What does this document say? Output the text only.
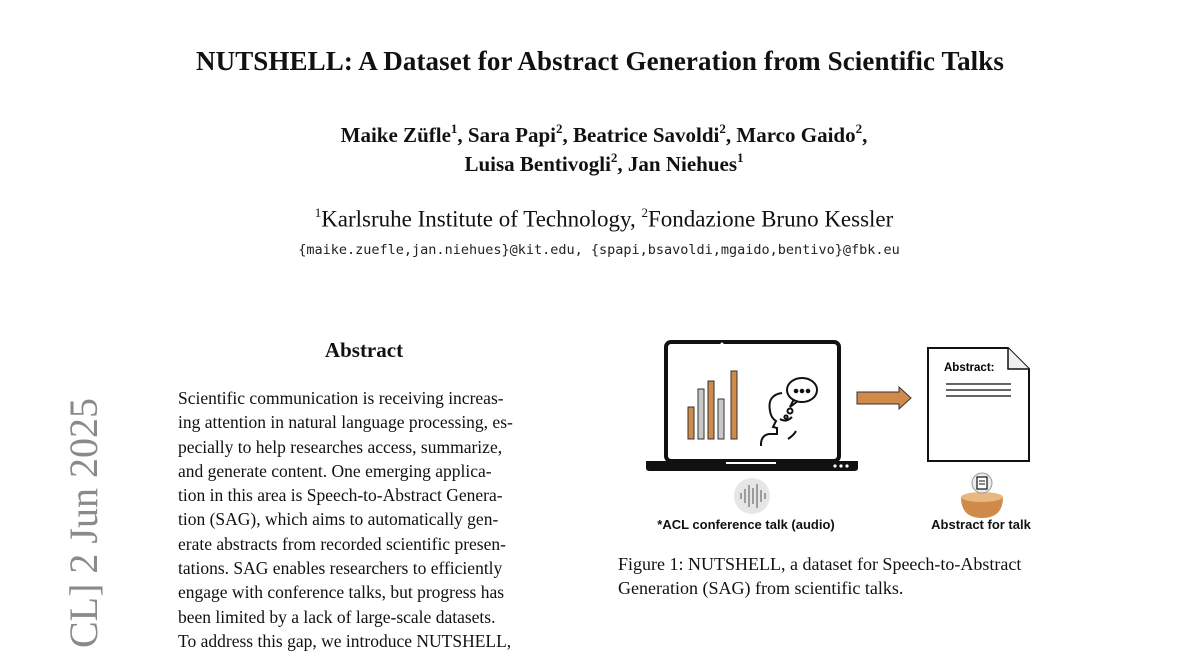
NUTSHELL: A Dataset for Abstract Generation from Scientific Talks
Maike Züfle$^1$, Sara Papi$^2$, Beatrice Savoldi$^2$, Marco Gaido$^2$,
Luisa Bentivogli$^2$, Jan Niehues$^1$
$^1$Karlsruhe Institute of Technology, $^2$Fondazione Bruno Kessler
{maike.zuefle,jan.niehues}@kit.edu, {spapi,bsavoldi,mgaido,bentivo}@fbk.eu
CL] 2 Jun 2025
Abstract
Scientific communication is receiving increas-
ing attention in natural language processing, es-
pecially to help researches access, summarize,
and generate content. One emerging applica-
tion in this area is Speech-to-Abstract Genera-
tion (SAG), which aims to automatically gen-
erate abstracts from recorded scientific presen-
tations. SAG enables researchers to efficiently
engage with conference talks, but progress has
been limited by a lack of large-scale datasets.
To address this gap, we introduce NUTSHELL,
Abstract:
*ACL conference talk (audio)	Abstract for talk
Figure 1: NUTSHELL, a dataset for Speech-to-Abstract Generation (SAG) from scientific talks.
